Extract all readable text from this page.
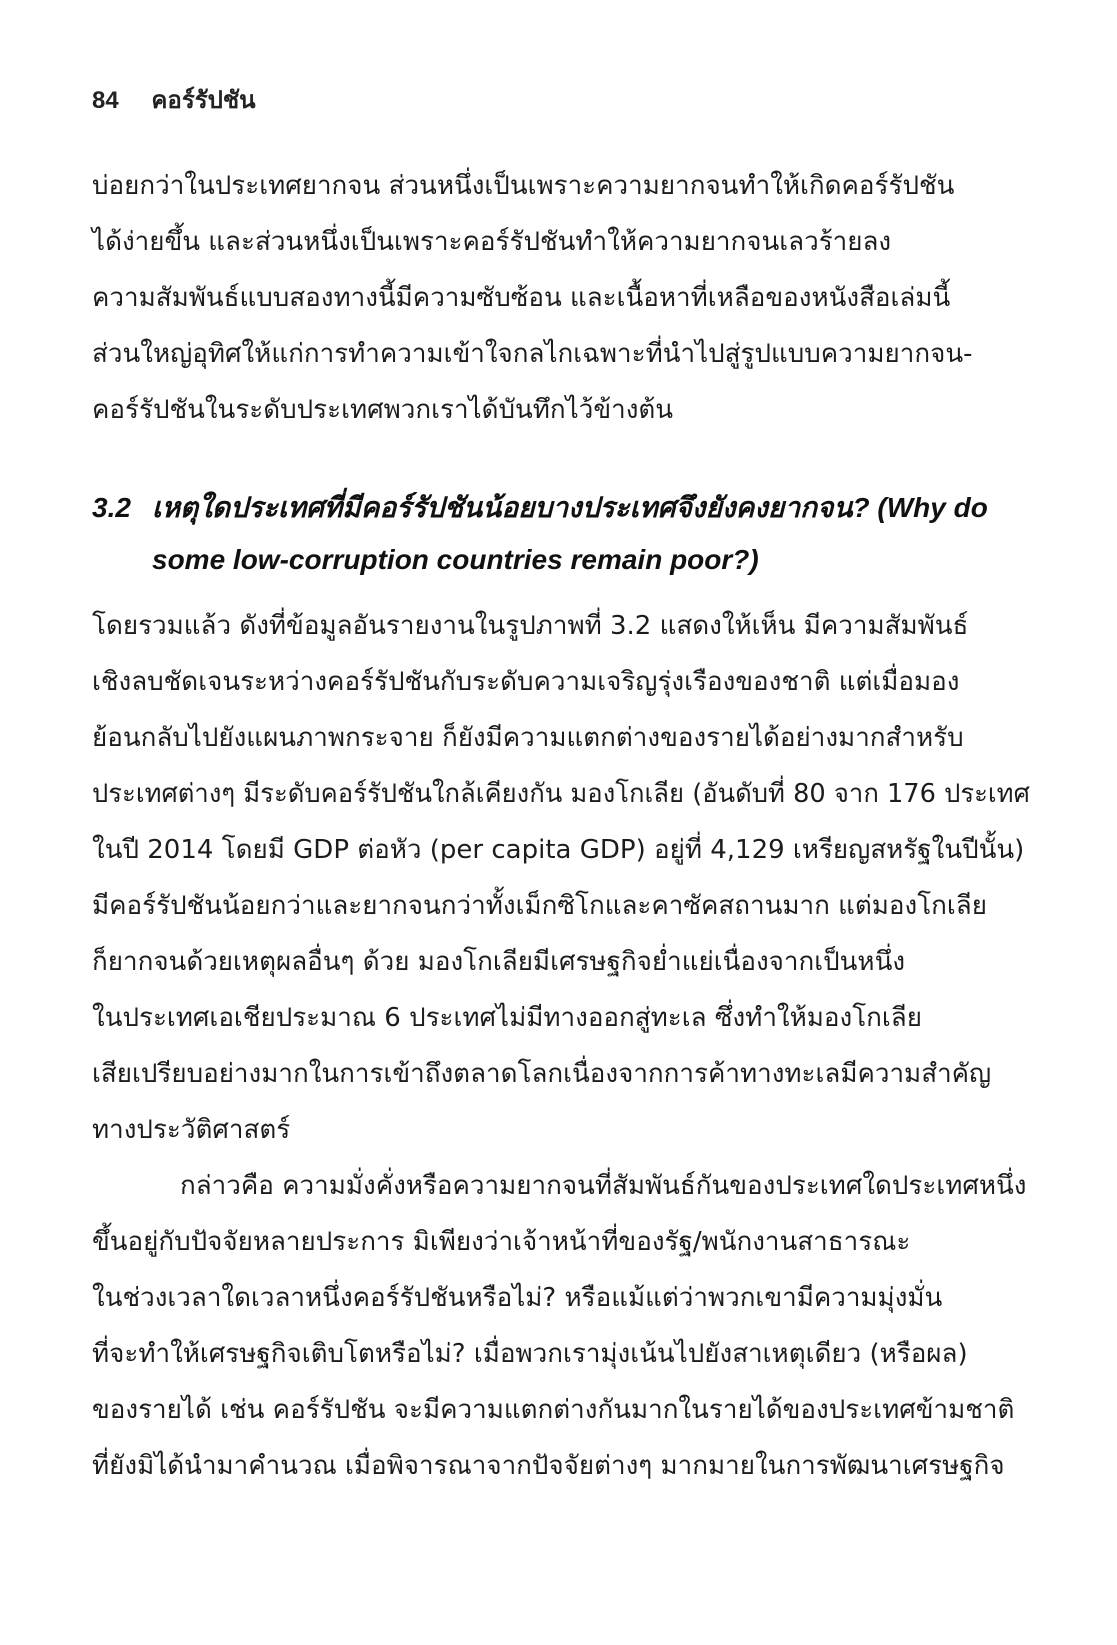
84 คอร์รัปชัน
บ่อยกว่าในประเทศยากจน ส่วนหนึ่งเป็นเพราะความยากจนทำให้เกิดคอร์รัปชัน
ได้ง่ายขึ้น และส่วนหนึ่งเป็นเพราะคอร์รัปชันทำให้ความยากจนเลวร้ายลง
ความสัมพันธ์แบบสองทางนี้มีความซับซ้อน และเนื้อหาที่เหลือของหนังสือเล่มนี้
ส่วนใหญ่อุทิศให้แก่การทำความเข้าใจกลไกเฉพาะที่นำไปสู่รูปแบบความยากจน-
คอร์รัปชันในระดับประเทศพวกเราได้บันทึกไว้ข้างต้น
3.2 เหตุใดประเทศที่มีคอร์รัปชันน้อยบางประเทศจึงยังคงยากจน? (Why do
some low-corruption countries remain poor?)
โดยรวมแล้ว ดังที่ข้อมูลอันรายงานในรูปภาพที่ 3.2 แสดงให้เห็น มีความสัมพันธ์
เชิงลบชัดเจนระหว่างคอร์รัปชันกับระดับความเจริญรุ่งเรืองของชาติ แต่เมื่อมอง
ย้อนกลับไปยังแผนภาพกระจาย ก็ยังมีความแตกต่างของรายได้อย่างมากสำหรับ
ประเทศต่างๆ มีระดับคอร์รัปชันใกล้เคียงกัน มองโกเลีย (อันดับที่ 80 จาก 176 ประเทศ
ในปี 2014 โดยมี GDP ต่อหัว (per capita GDP) อยู่ที่ 4,129 เหรียญสหรัฐในปีนั้น)
มีคอร์รัปชันน้อยกว่าและยากจนกว่าทั้งเม็กซิโกและคาซัคสถานมาก แต่มองโกเลีย
ก็ยากจนด้วยเหตุผลอื่นๆ ด้วย มองโกเลียมีเศรษฐกิจย่ำแย่เนื่องจากเป็นหนึ่ง
ในประเทศเอเชียประมาณ 6 ประเทศไม่มีทางออกสู่ทะเล ซึ่งทำให้มองโกเลีย
เสียเปรียบอย่างมากในการเข้าถึงตลาดโลกเนื่องจากการค้าทางทะเลมีความสำคัญ
ทางประวัติศาสตร์
กล่าวคือ ความมั่งคั่งหรือความยากจนที่สัมพันธ์กันของประเทศใดประเทศหนึ่ง
ขึ้นอยู่กับปัจจัยหลายประการ มิเพียงว่าเจ้าหน้าที่ของรัฐ/พนักงานสาธารณะ
ในช่วงเวลาใดเวลาหนึ่งคอร์รัปชันหรือไม่? หรือแม้แต่ว่าพวกเขามีความมุ่งมั่น
ที่จะทำให้เศรษฐกิจเติบโตหรือไม่? เมื่อพวกเรามุ่งเน้นไปยังสาเหตุเดียว (หรือผล)
ของรายได้ เช่น คอร์รัปชัน จะมีความแตกต่างกันมากในรายได้ของประเทศข้ามชาติ
ที่ยังมิได้นำมาคำนวณ เมื่อพิจารณาจากปัจจัยต่างๆ มากมายในการพัฒนาเศรษฐกิจ
